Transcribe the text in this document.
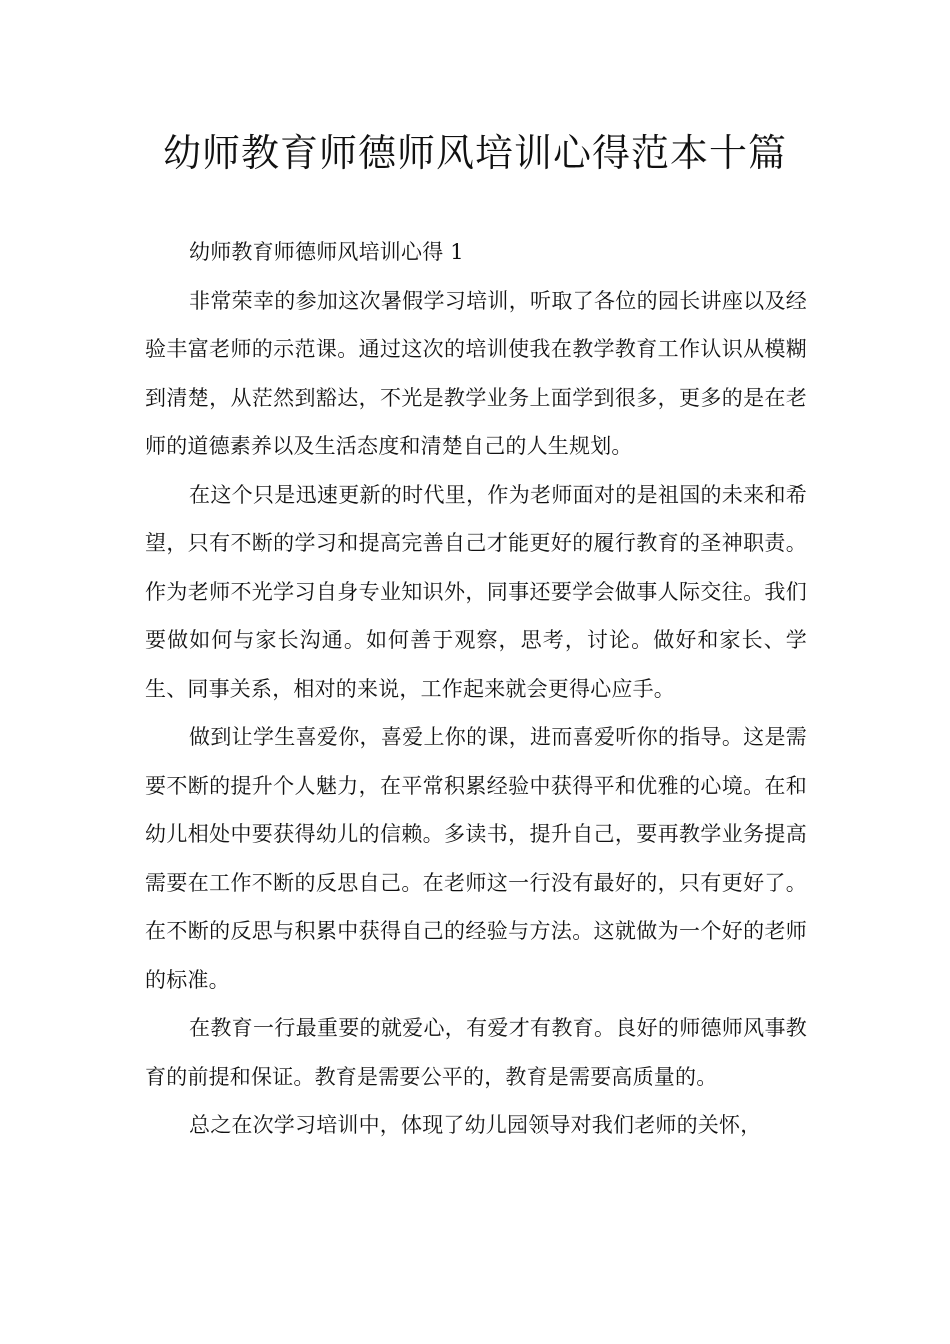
幼师教育师德师风培训心得范本十篇

幼师教育师德师风培训心得 1

非常荣幸的参加这次暑假学习培训，听取了各位的园长讲座以及经验丰富老师的示范课。通过这次的培训使我在教学教育工作认识从模糊到清楚，从茫然到豁达，不光是教学业务上面学到很多，更多的是在老师的道德素养以及生活态度和清楚自己的人生规划。

在这个只是迅速更新的时代里，作为老师面对的是祖国的未来和希望，只有不断的学习和提高完善自己才能更好的履行教育的圣神职责。作为老师不光学习自身专业知识外，同事还要学会做事人际交往。我们要做如何与家长沟通。如何善于观察，思考，讨论。做好和家长、学生、同事关系，相对的来说，工作起来就会更得心应手。

做到让学生喜爱你，喜爱上你的课，进而喜爱听你的指导。这是需要不断的提升个人魅力，在平常积累经验中获得平和优雅的心境。在和幼儿相处中要获得幼儿的信赖。多读书，提升自己，要再教学业务提高需要在工作不断的反思自己。在老师这一行没有最好的，只有更好了。在不断的反思与积累中获得自己的经验与方法。这就做为一个好的老师的标准。

在教育一行最重要的就爱心，有爱才有教育。良好的师德师风事教育的前提和保证。教育是需要公平的，教育是需要高质量的。

总之在次学习培训中，体现了幼儿园领导对我们老师的关怀，
